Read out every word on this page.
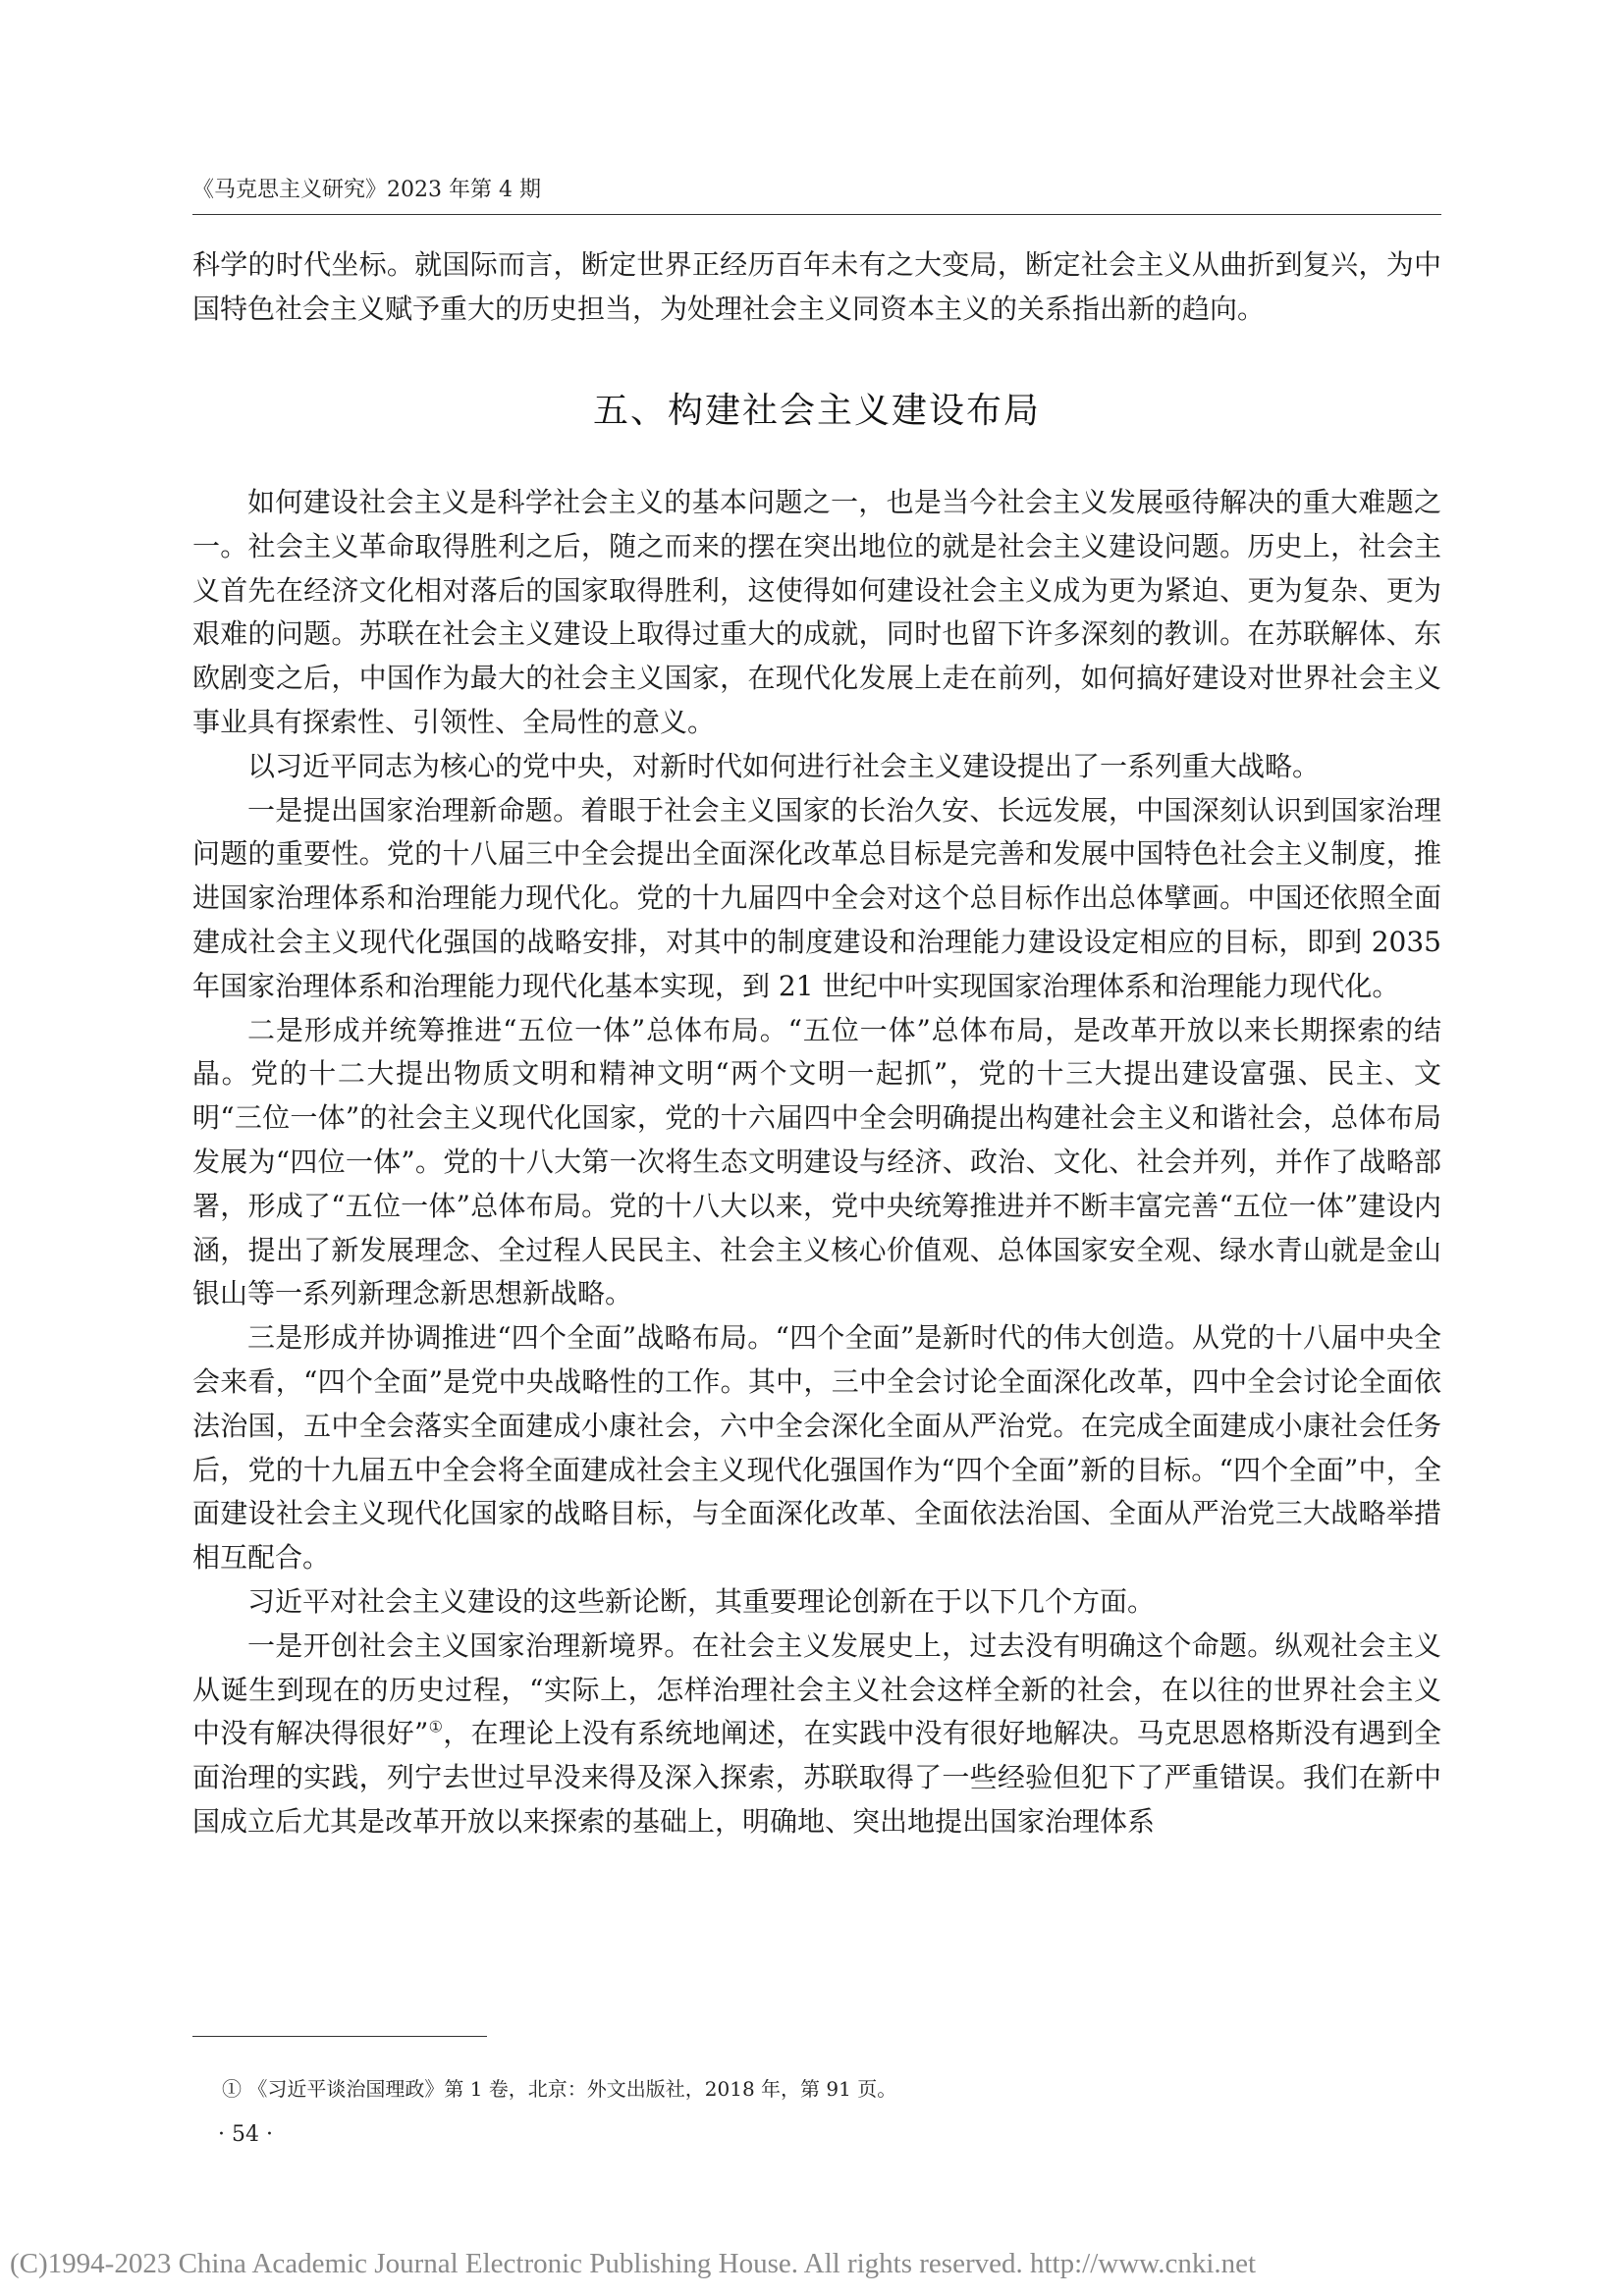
《马克思主义研究》2023 年第 4 期

科学的时代坐标。就国际而言，断定世界正经历百年未有之大变局，断定社会主义从曲折到复兴，为中国特色社会主义赋予重大的历史担当，为处理社会主义同资本主义的关系指出新的趋向。

五、构建社会主义建设布局

如何建设社会主义是科学社会主义的基本问题之一，也是当今社会主义发展亟待解决的重大难题之一。社会主义革命取得胜利之后，随之而来的摆在突出地位的就是社会主义建设问题。历史上，社会主义首先在经济文化相对落后的国家取得胜利，这使得如何建设社会主义成为更为紧迫、更为复杂、更为艰难的问题。苏联在社会主义建设上取得过重大的成就，同时也留下许多深刻的教训。在苏联解体、东欧剧变之后，中国作为最大的社会主义国家，在现代化发展上走在前列，如何搞好建设对世界社会主义事业具有探索性、引领性、全局性的意义。

以习近平同志为核心的党中央，对新时代如何进行社会主义建设提出了一系列重大战略。

一是提出国家治理新命题。着眼于社会主义国家的长治久安、长远发展，中国深刻认识到国家治理问题的重要性。党的十八届三中全会提出全面深化改革总目标是完善和发展中国特色社会主义制度，推进国家治理体系和治理能力现代化。党的十九届四中全会对这个总目标作出总体擘画。中国还依照全面建成社会主义现代化强国的战略安排，对其中的制度建设和治理能力建设设定相应的目标，即到 2035 年国家治理体系和治理能力现代化基本实现，到 21 世纪中叶实现国家治理体系和治理能力现代化。

二是形成并统筹推进“五位一体”总体布局。“五位一体”总体布局，是改革开放以来长期探索的结晶。党的十二大提出物质文明和精神文明“两个文明一起抓”，党的十三大提出建设富强、民主、文明“三位一体”的社会主义现代化国家，党的十六届四中全会明确提出构建社会主义和谐社会，总体布局发展为“四位一体”。党的十八大第一次将生态文明建设与经济、政治、文化、社会并列，并作了战略部署，形成了“五位一体”总体布局。党的十八大以来，党中央统筹推进并不断丰富完善“五位一体”建设内涵，提出了新发展理念、全过程人民民主、社会主义核心价值观、总体国家安全观、绿水青山就是金山银山等一系列新理念新思想新战略。

三是形成并协调推进“四个全面”战略布局。“四个全面”是新时代的伟大创造。从党的十八届中央全会来看，“四个全面”是党中央战略性的工作。其中，三中全会讨论全面深化改革，四中全会讨论全面依法治国，五中全会落实全面建成小康社会，六中全会深化全面从严治党。在完成全面建成小康社会任务后，党的十九届五中全会将全面建成社会主义现代化强国作为“四个全面”新的目标。“四个全面”中，全面建设社会主义现代化国家的战略目标，与全面深化改革、全面依法治国、全面从严治党三大战略举措相互配合。

习近平对社会主义建设的这些新论断，其重要理论创新在于以下几个方面。

一是开创社会主义国家治理新境界。在社会主义发展史上，过去没有明确这个命题。纵观社会主义从诞生到现在的历史过程，“实际上，怎样治理社会主义社会这样全新的社会，在以往的世界社会主义中没有解决得很好”①，在理论上没有系统地阐述，在实践中没有很好地解决。马克思恩格斯没有遇到全面治理的实践，列宁去世过早没来得及深入探索，苏联取得了一些经验但犯下了严重错误。我们在新中国成立后尤其是改革开放以来探索的基础上，明确地、突出地提出国家治理体系

① 《习近平谈治国理政》第 1 卷，北京：外文出版社，2018 年，第 91 页。
· 54 ·
(C)1994-2023 China Academic Journal Electronic Publishing House. All rights reserved. http://www.cnki.net
